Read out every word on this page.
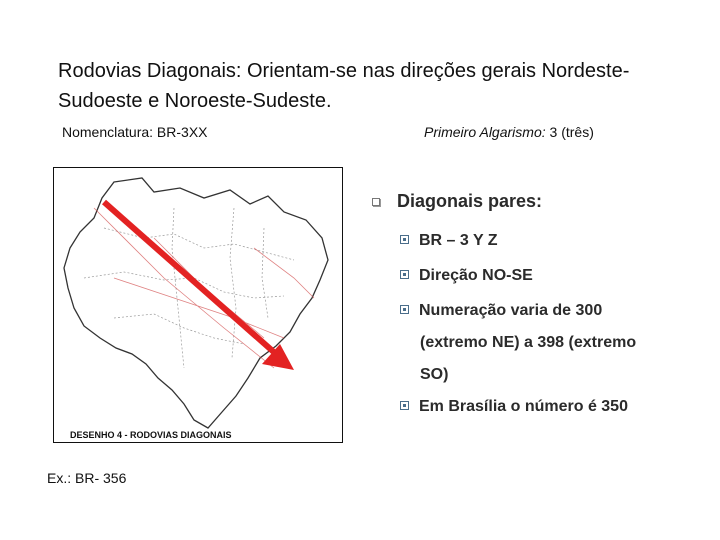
Rodovias Diagonais: Orientam-se nas direções gerais Nordeste-Sudoeste e Noroeste-Sudeste.
Nomenclatura: BR-3XX	Primeiro Algarismo: 3 (três)
DESENHO 4 - RODOVIAS DIAGONAIS
Ex.: BR- 356
Diagonais pares:
BR – 3 Y Z
Direção NO-SE
Numeração varia de 300
(extremo NE) a 398 (extremo
SO)
Em Brasília o número é 350
